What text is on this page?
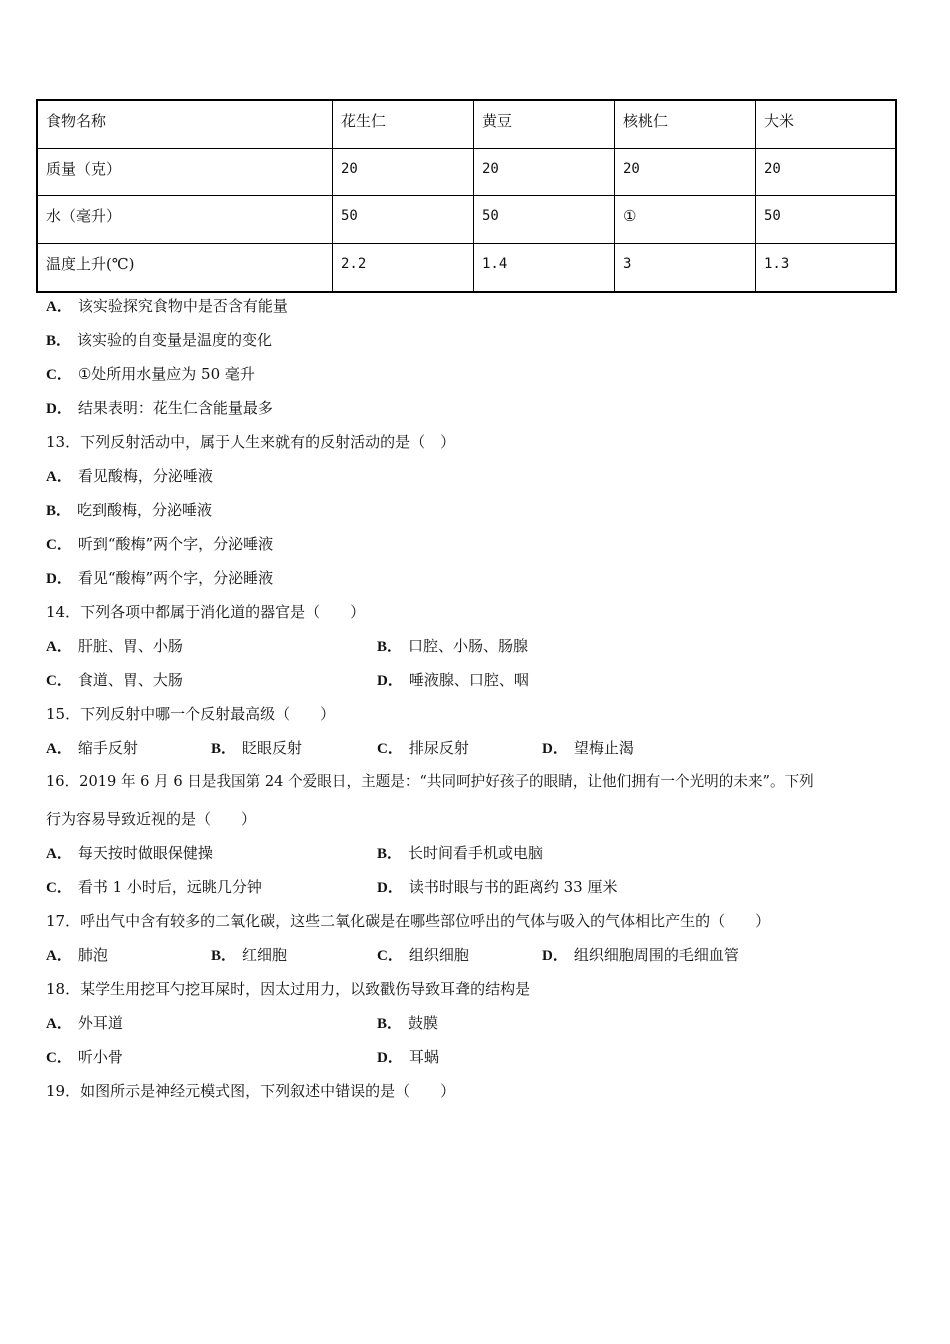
食物名称	花生仁	黄豆	核桃仁	大米
质量（克）	20	20	20	20
水（毫升）	50	50	①	50
温度上升(℃)	2.2	1.4	3	1.3
A． 该实验探究食物中是否含有能量
B． 该实验的自变量是温度的变化
C． ①处所用水量应为 50 毫升
D． 结果表明：花生仁含能量最多
13．下列反射活动中，属于人生来就有的反射活动的是（　）
A． 看见酸梅，分泌唾液
B． 吃到酸梅，分泌唾液
C． 听到“酸梅”两个字，分泌唾液
D． 看见“酸梅”两个字，分泌睡液
14．下列各项中都属于消化道的器官是（　　）
A． 肝脏、胃、小肠	B． 口腔、小肠、肠腺
C． 食道、胃、大肠	D． 唾液腺、口腔、咽
15．下列反射中哪一个反射最高级（　　）
A． 缩手反射	B． 眨眼反射	C． 排尿反射	D． 望梅止渴
16．2019 年 6 月 6 日是我国第 24 个爱眼日，主题是：“共同呵护好孩子的眼睛，让他们拥有一个光明的未来”。下列
行为容易导致近视的是（　　）
A． 每天按时做眼保健操	B． 长时间看手机或电脑
C． 看书 1 小时后，远眺几分钟	D． 读书时眼与书的距离约 33 厘米
17．呼出气中含有较多的二氧化碳，这些二氧化碳是在哪些部位呼出的气体与吸入的气体相比产生的（　　）
A． 肺泡	B． 红细胞	C． 组织细胞	D． 组织细胞周围的毛细血管
18．某学生用挖耳勺挖耳屎时，因太过用力，以致戳伤导致耳聋的结构是
A． 外耳道	B． 鼓膜
C． 听小骨	D． 耳蜗
19．如图所示是神经元模式图，下列叙述中错误的是（　　）
